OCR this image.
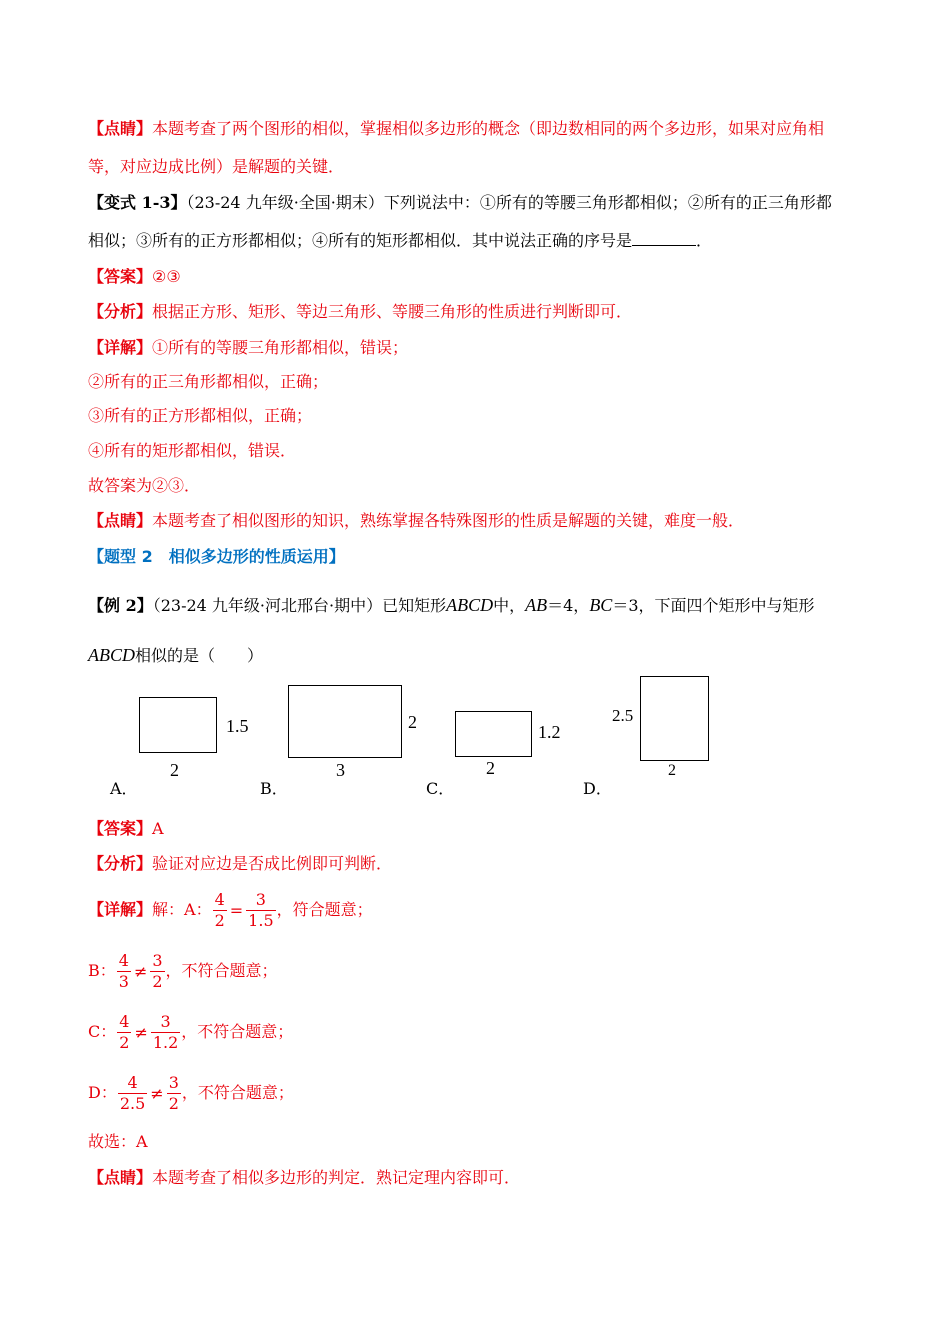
【点睛】本题考查了两个图形的相似，掌握相似多边形的概念（即边数相同的两个多边形，如果对应角相
等，对应边成比例）是解题的关键．
【变式 1-3】（23-24 九年级·全国·期末）下列说法中：①所有的等腰三角形都相似；②所有的正三角形都
相似；③所有的正方形都相似；④所有的矩形都相似．其中说法正确的序号是	．
【答案】②③
【分析】根据正方形、矩形、等边三角形、等腰三角形的性质进行判断即可．
【详解】①所有的等腰三角形都相似，错误；
②所有的正三角形都相似，正确；
③所有的正方形都相似，正确；
④所有的矩形都相似，错误．
故答案为②③．
【点睛】本题考查了相似图形的知识，熟练掌握各特殊图形的性质是解题的关键，难度一般．
【题型 2　相似多边形的性质运用】
【例 2】（23-24 九年级·河北邢台·期中）已知矩形ABCD中，AB＝4，BC＝3，下面四个矩形中与矩形
ABCD相似的是（　　）
1.5
2
A．
2
3
B．
1.2
2
C．
2.5
2
D．
【答案】A
【分析】验证对应边是否成比例即可判断．
【详解】解：A： $\frac{4}{2} = \frac{3}{1.5}$ ，符合题意；
B： $\frac{4}{3} \ne \frac{3}{2}$ ，不符合题意；
C： $\frac{4}{2} \ne \frac{3}{1.2}$ ，不符合题意；
D： $\frac{4}{2.5} \ne \frac{3}{2}$ ，不符合题意；
故选：A
【点睛】本题考查了相似多边形的判定．熟记定理内容即可．
